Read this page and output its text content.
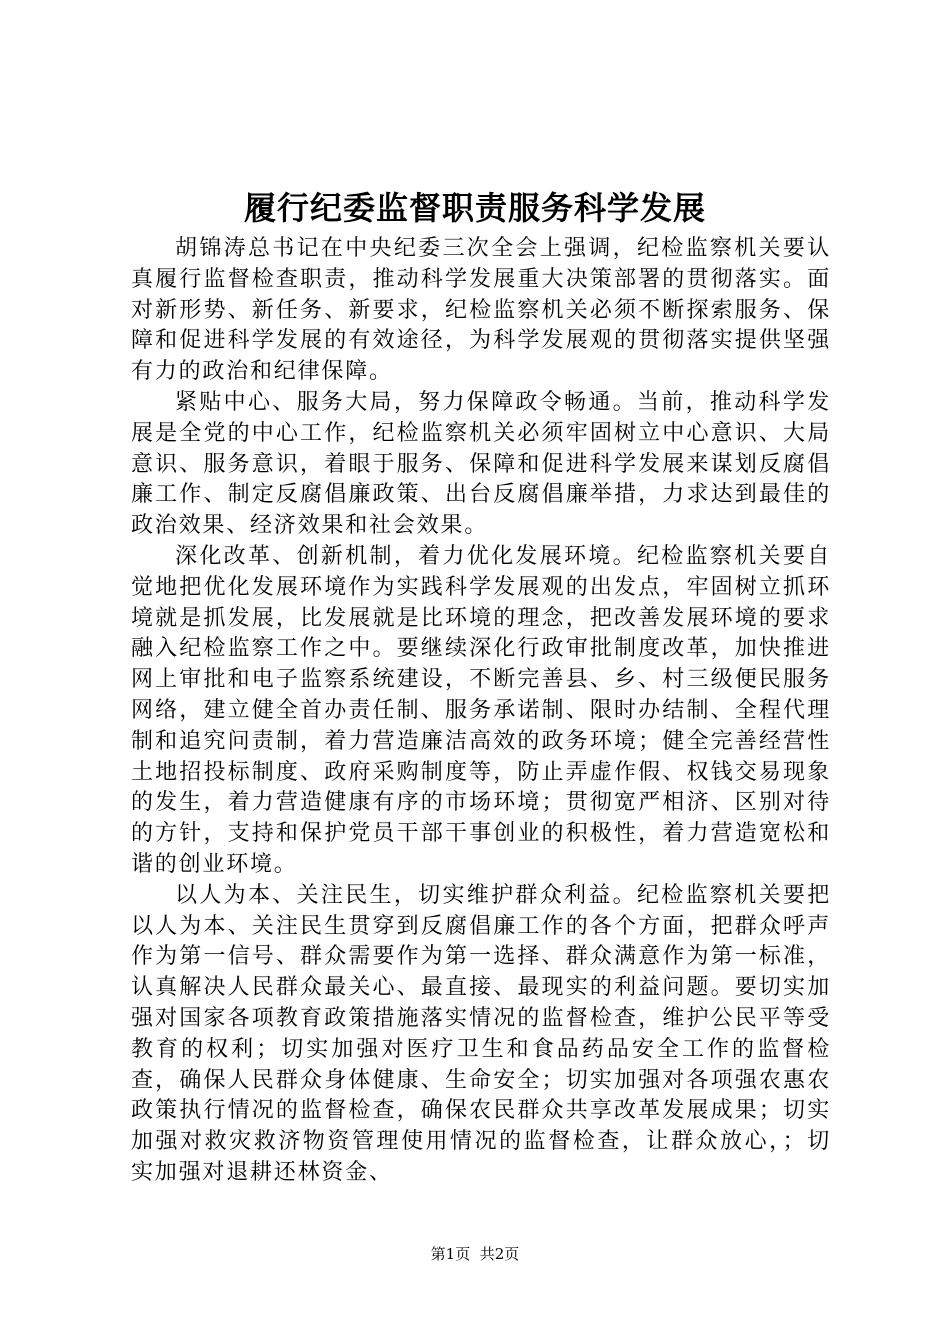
履行纪委监督职责服务科学发展

胡锦涛总书记在中央纪委三次全会上强调，纪检监察机关要认真履行监督检查职责，推动科学发展重大决策部署的贯彻落实。面对新形势、新任务、新要求，纪检监察机关必须不断探索服务、保障和促进科学发展的有效途径，为科学发展观的贯彻落实提供坚强有力的政治和纪律保障。

紧贴中心、服务大局，努力保障政令畅通。当前，推动科学发展是全党的中心工作，纪检监察机关必须牢固树立中心意识、大局意识、服务意识，着眼于服务、保障和促进科学发展来谋划反腐倡廉工作、制定反腐倡廉政策、出台反腐倡廉举措，力求达到最佳的政治效果、经济效果和社会效果。

深化改革、创新机制，着力优化发展环境。纪检监察机关要自觉地把优化发展环境作为实践科学发展观的出发点，牢固树立抓环境就是抓发展，比发展就是比环境的理念，把改善发展环境的要求融入纪检监察工作之中。要继续深化行政审批制度改革，加快推进网上审批和电子监察系统建设，不断完善县、乡、村三级便民服务网络，建立健全首办责任制、服务承诺制、限时办结制、全程代理制和追究问责制，着力营造廉洁高效的政务环境；健全完善经营性土地招投标制度、政府采购制度等，防止弄虚作假、权钱交易现象的发生，着力营造健康有序的市场环境；贯彻宽严相济、区别对待的方针，支持和保护党员干部干事创业的积极性，着力营造宽松和谐的创业环境。

以人为本、关注民生，切实维护群众利益。纪检监察机关要把以人为本、关注民生贯穿到反腐倡廉工作的各个方面，把群众呼声作为第一信号、群众需要作为第一选择、群众满意作为第一标准，认真解决人民群众最关心、最直接、最现实的利益问题。要切实加强对国家各项教育政策措施落实情况的监督检查，维护公民平等受教育的权利；切实加强对医疗卫生和食品药品安全工作的监督检查，确保人民群众身体健康、生命安全；切实加强对各项强农惠农政策执行情况的监督检查，确保农民群众共享改革发展成果；切实加强对救灾救济物资管理使用情况的监督检查，让群众放心，；切实加强对退耕还林资金、

第1页 共2页
